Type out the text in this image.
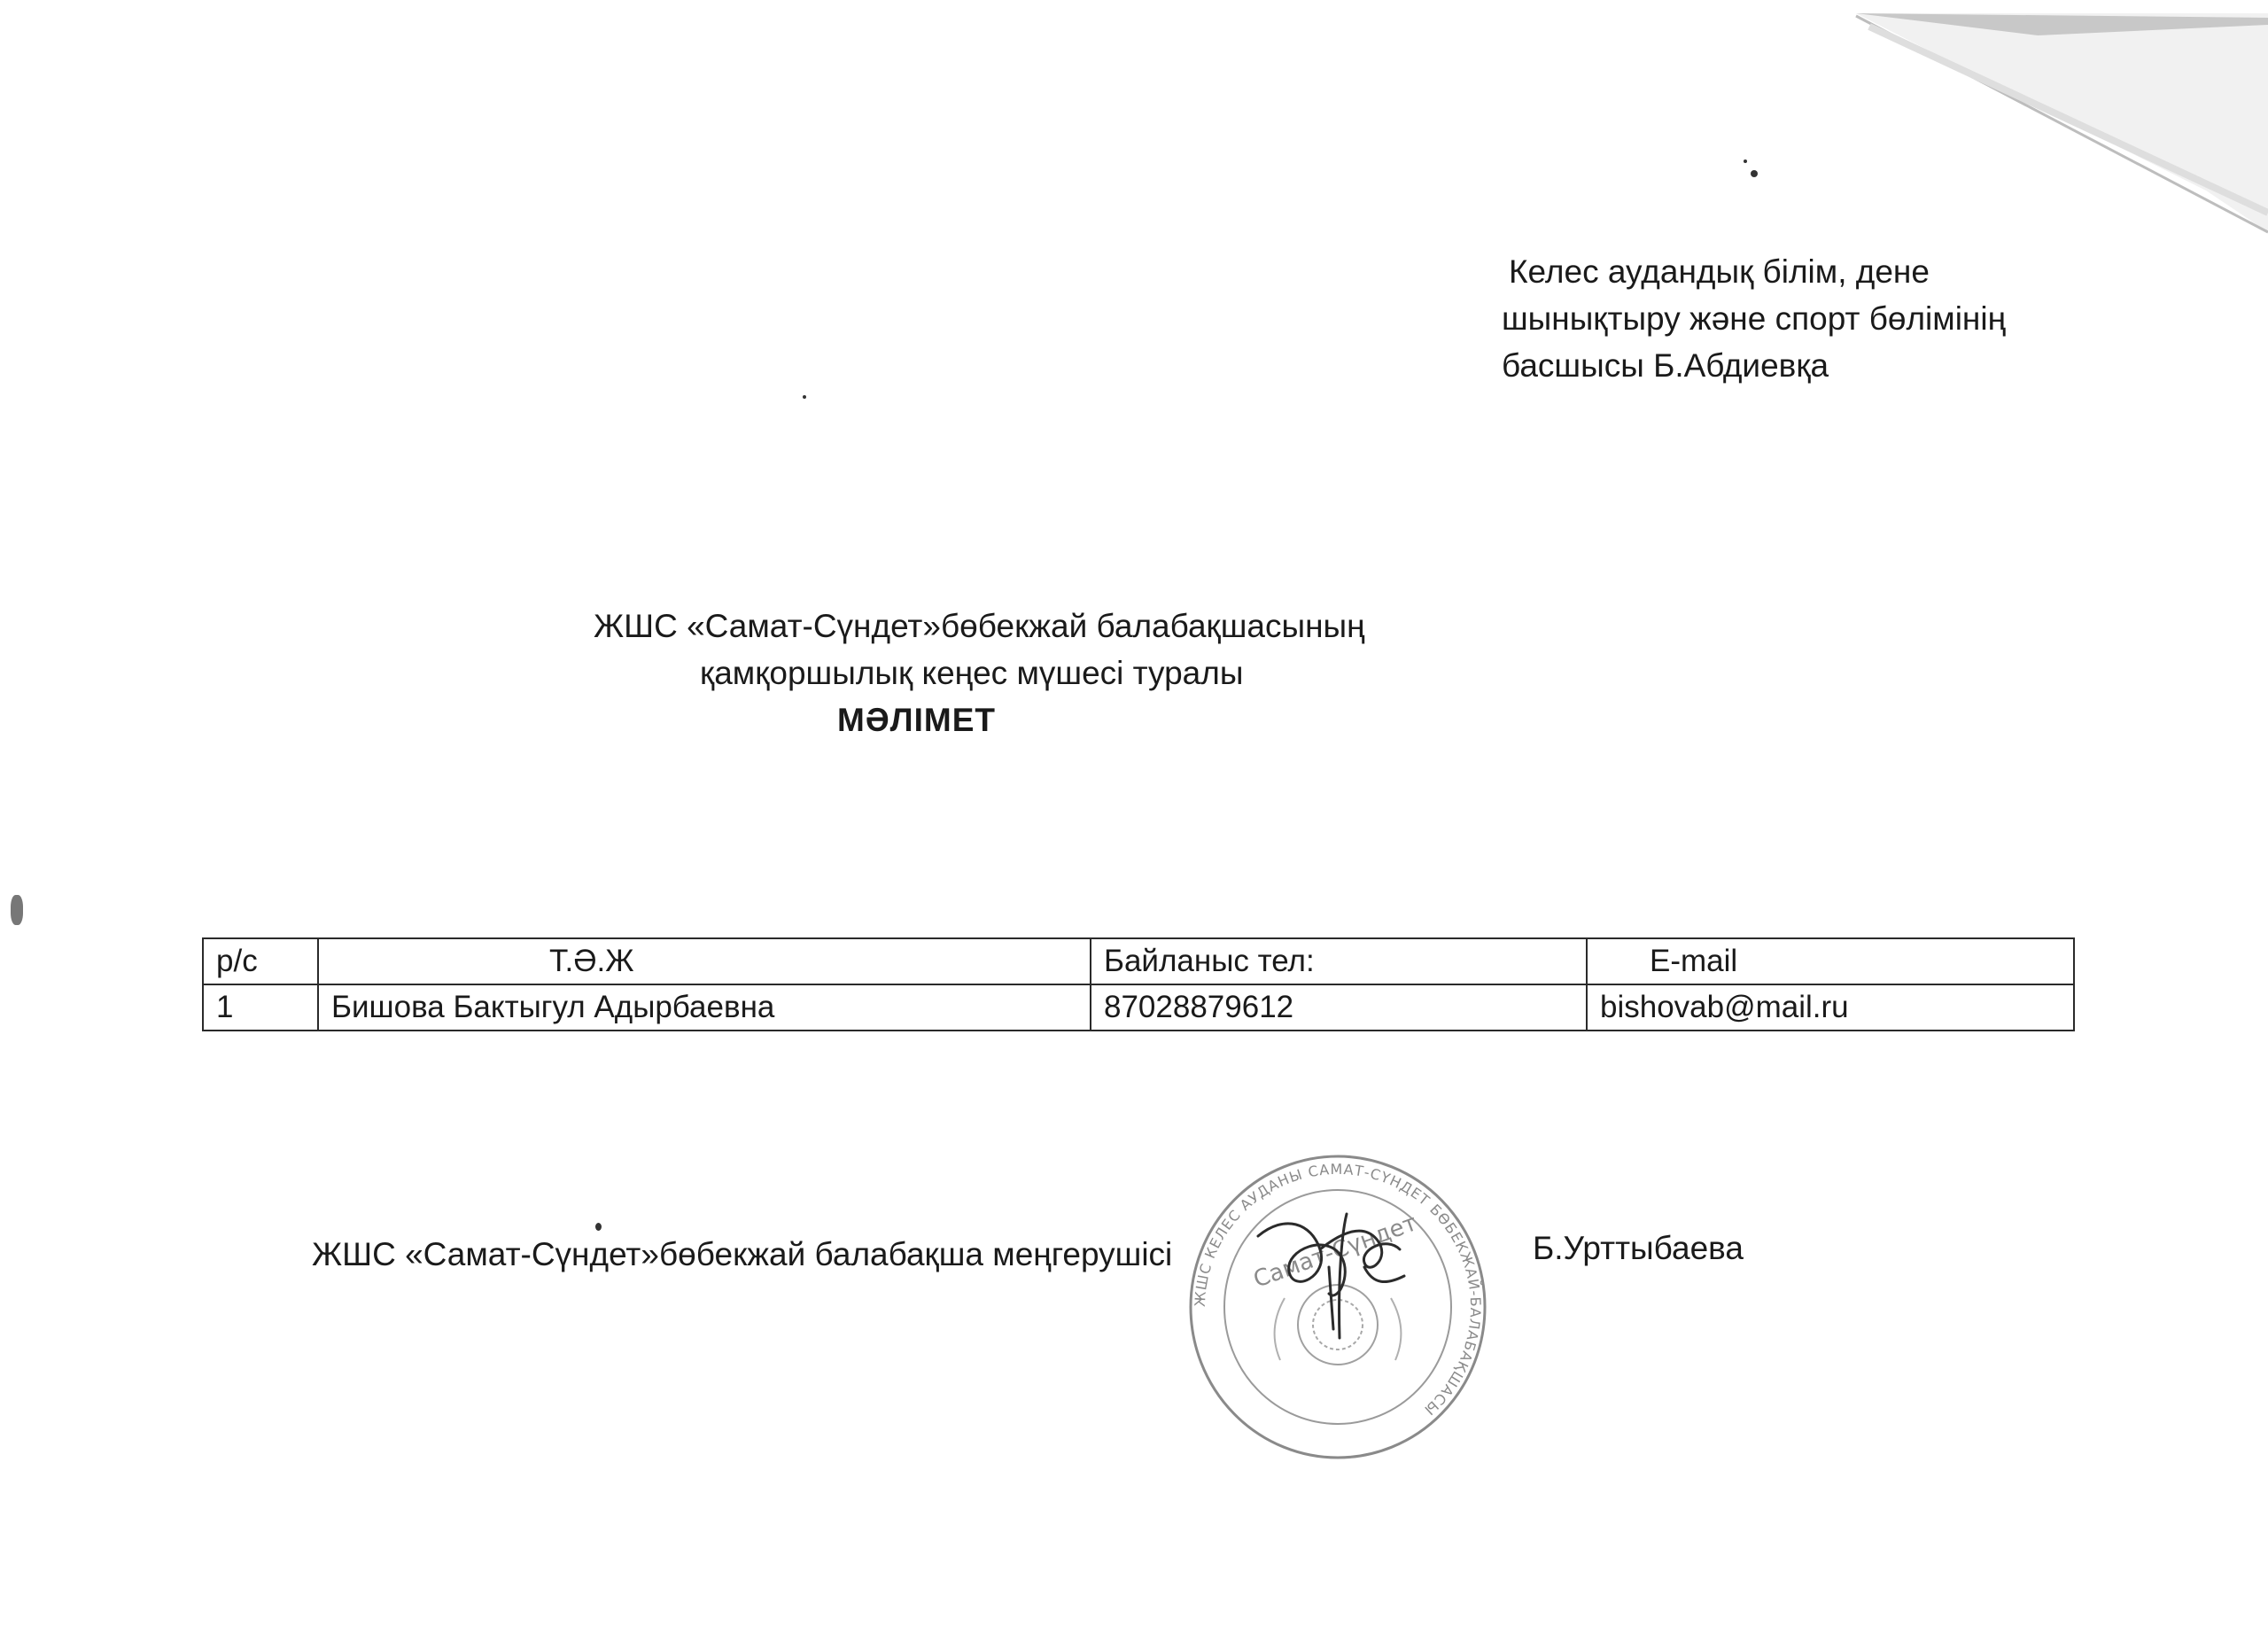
Келес аудандық білім, дене
шынықтыру және спорт бөлімінің
басшысы Б.Абдиевқа
ЖШС «Самат-Сүндет»бөбекжай балабақшасының
қамқоршылық кеңес мүшесі туралы
МӘЛІМЕТ
р/с	Т.Ә.Ж	Байланыс тел:	E-mail
1	Бишова Бактыгул Адырбаевна	87028879612	bishovab@mail.ru
ЖШС «Самат-Сүндет»бөбекжай балабақша меңгерушісі
ЖШС КЕЛЕС АУДАНЫ САМАТ-СҮНДЕТ БӨБЕКЖАЙ-БАЛАБАҚШАСЫ
Самат-Сүндет	Б.Урттыбаева
